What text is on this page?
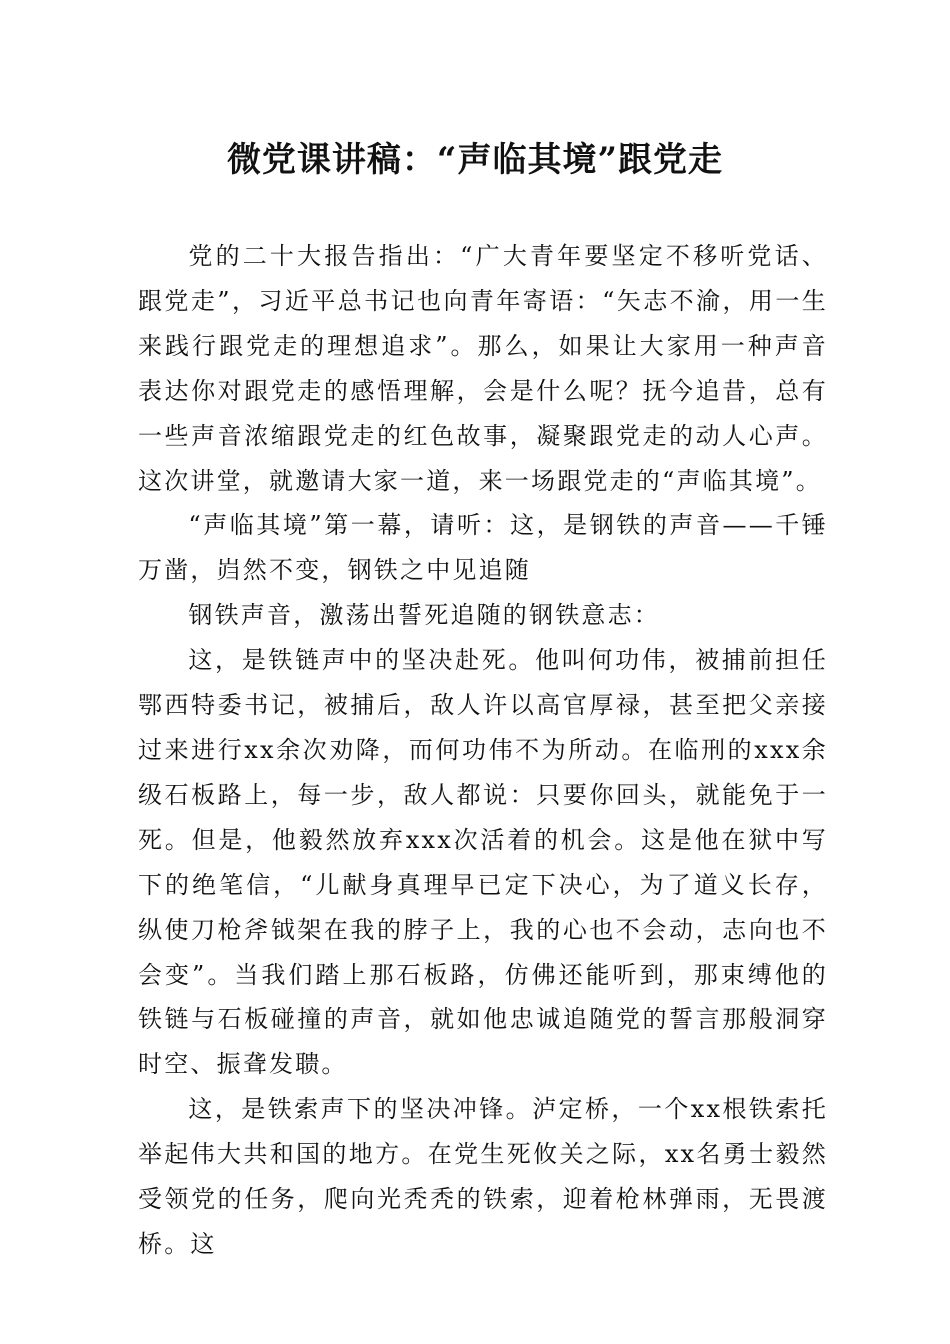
微党课讲稿：“声临其境”跟党走

党的二十大报告指出：“广大青年要坚定不移听党话、跟党走”，习近平总书记也向青年寄语：“矢志不渝，用一生来践行跟党走的理想追求”。那么，如果让大家用一种声音表达你对跟党走的感悟理解，会是什么呢？抚今追昔，总有一些声音浓缩跟党走的红色故事，凝聚跟党走的动人心声。这次讲堂，就邀请大家一道，来一场跟党走的“声临其境”。

“声临其境”第一幕，请听：这，是钢铁的声音——千锤万凿，岿然不变，钢铁之中见追随

钢铁声音，激荡出誓死追随的钢铁意志：

这，是铁链声中的坚决赴死。他叫何功伟，被捕前担任鄂西特委书记，被捕后，敌人许以高官厚禄，甚至把父亲接过来进行xx余次劝降，而何功伟不为所动。在临刑的xxx余级石板路上，每一步，敌人都说：只要你回头，就能免于一死。但是，他毅然放弃xxx次活着的机会。这是他在狱中写下的绝笔信，“儿献身真理早已定下决心，为了道义长存，纵使刀枪斧钺架在我的脖子上，我的心也不会动，志向也不会变”。当我们踏上那石板路，仿佛还能听到，那束缚他的铁链与石板碰撞的声音，就如他忠诚追随党的誓言那般洞穿时空、振聋发聩。

这，是铁索声下的坚决冲锋。泸定桥，一个xx根铁索托举起伟大共和国的地方。在党生死攸关之际，xx名勇士毅然受领党的任务，爬向光秃秃的铁索，迎着枪林弹雨，无畏渡桥。这
